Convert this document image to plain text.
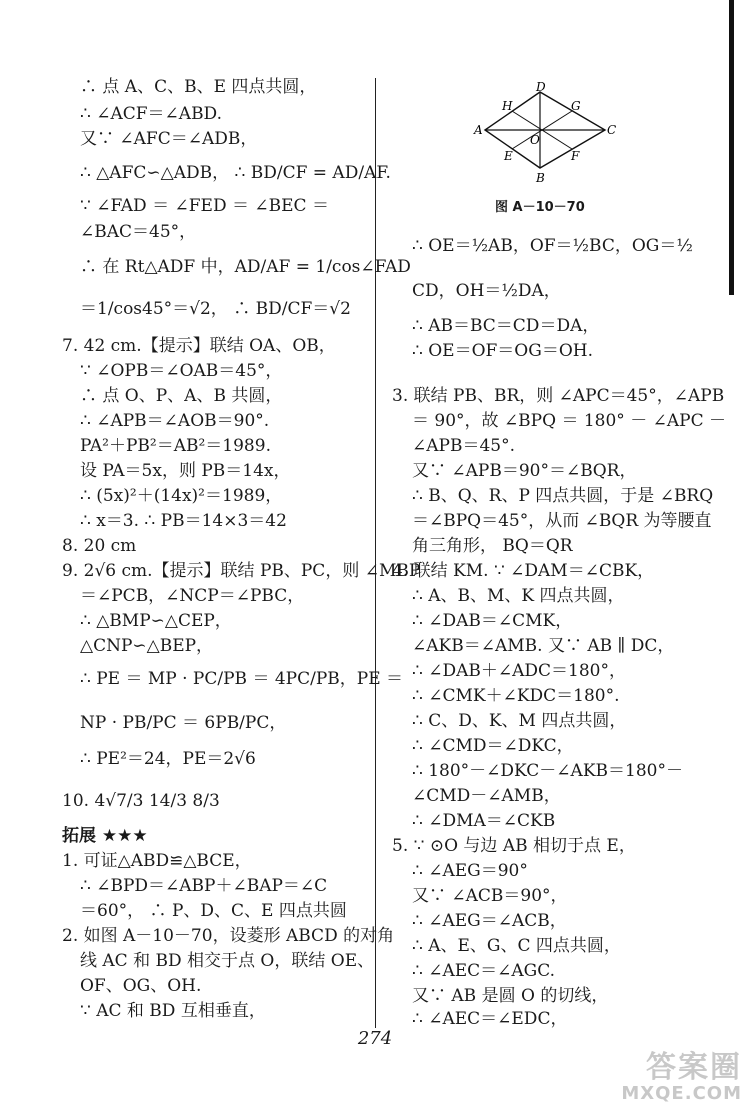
∴ 点 A、C、B、E 四点共圆，
∴ ∠ACF＝∠ABD.
又∵ ∠AFC＝∠ADB，
∴ △AFC∽△ADB， ∴ BD/CF = AD/AF.
∵ ∠FAD ＝ ∠FED ＝ ∠BEC ＝
∠BAC＝45°，
∴ 在 Rt△ADF 中，AD/AF = 1/cos∠FAD
＝1/cos45°＝√2， ∴ BD/CF＝√2
7. 42 cm.【提示】联结 OA、OB，
∵ ∠OPB＝∠OAB＝45°，
∴ 点 O、P、A、B 共圆，
∴ ∠APB＝∠AOB＝90°.
PA²＋PB²＝AB²＝1989.
设 PA＝5x，则 PB＝14x，
∴ (5x)²＋(14x)²＝1989，
∴ x＝3. ∴ PB＝14×3＝42
8. 20 cm
9. 2√6 cm.【提示】联结 PB、PC，则 ∠MBP
＝∠PCB，∠NCP＝∠PBC，
∴ △BMP∽△CEP，
△CNP∽△BEP，
∴ PE ＝ MP · PC/PB ＝ 4PC/PB，PE ＝
NP · PB/PC ＝ 6PB/PC，
∴ PE²＝24，PE＝2√6
10. 4√7/3 14/3 8/3
拓展 ★★★
1. 可证△ABD≌△BCE，
∴ ∠BPD＝∠ABP＋∠BAP＝∠C
＝60°， ∴ P、D、C、E 四点共圆
2. 如图 A－10－70，设菱形 ABCD 的对角
线 AC 和 BD 相交于点 O，联结 OE、
OF、OG、OH.
∵ AC 和 BD 互相垂直，
A
D
C
B
H	G
E	F
O
图 A－10－70
∴ OE＝½AB，OF＝½BC，OG＝½
CD，OH＝½DA，
∴ AB＝BC＝CD＝DA，
∴ OE＝OF＝OG＝OH.
3. 联结 PB、BR，则 ∠APC＝45°，∠APB
＝ 90°，故 ∠BPQ ＝ 180° － ∠APC －
∠APB＝45°.
又∵ ∠APB＝90°＝∠BQR，
∴ B、Q、R、P 四点共圆，于是 ∠BRQ
＝∠BPQ＝45°，从而 ∠BQR 为等腰直
角三角形， BQ＝QR
4. 联结 KM. ∵ ∠DAM＝∠CBK，
∴ A、B、M、K 四点共圆，
∴ ∠DAB＝∠CMK，
∠AKB＝∠AMB. 又∵ AB ∥ DC，
∴ ∠DAB＋∠ADC＝180°，
∴ ∠CMK＋∠KDC＝180°.
∴ C、D、K、M 四点共圆，
∴ ∠CMD＝∠DKC，
∴ 180°－∠DKC－∠AKB＝180°－
∠CMD－∠AMB，
∴ ∠DMA＝∠CKB
5. ∵ ⊙O 与边 AB 相切于点 E，
∴ ∠AEG＝90°
又∵ ∠ACB＝90°，
∴ ∠AEG＝∠ACB，
∴ A、E、G、C 四点共圆，
∴ ∠AEC＝∠AGC.
又∵ AB 是圆 O 的切线，
∴ ∠AEC＝∠EDC，
274
答案圈
MXQE.COM
